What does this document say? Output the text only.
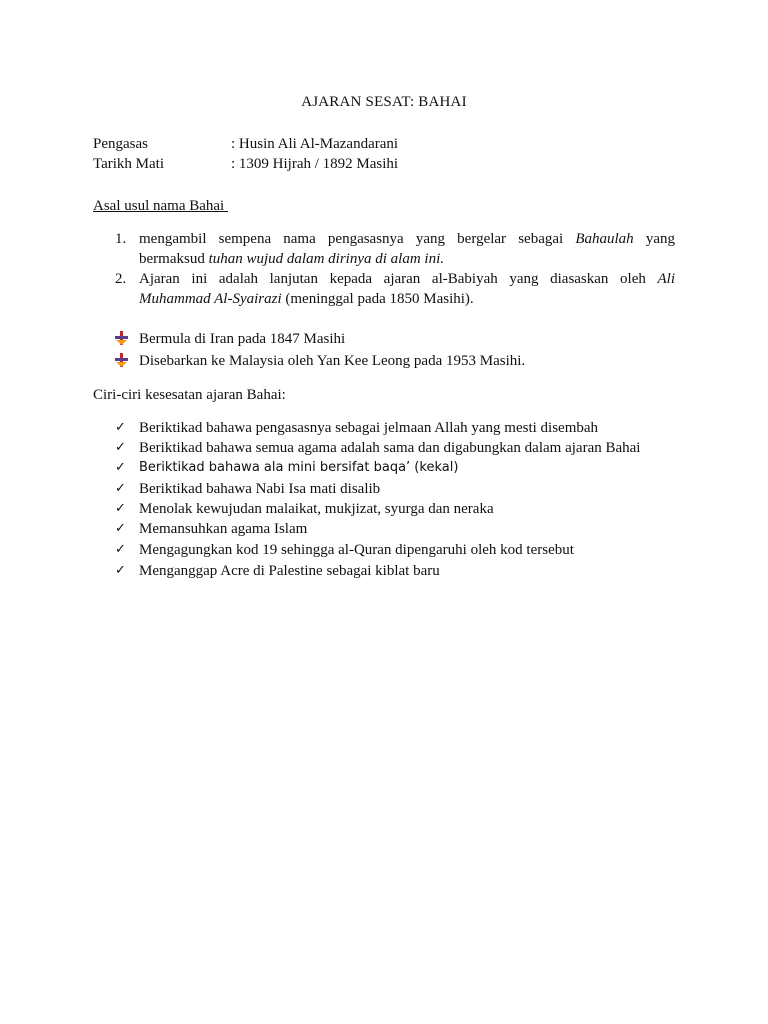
AJARAN SESAT: BAHAI
Pengasas	: Husin Ali Al-Mazandarani
Tarikh Mati	: 1309 Hijrah / 1892 Masihi
Asal usul nama Bahai
1. mengambil sempena nama pengasasnya yang bergelar sebagai Bahaulah yang
bermaksud tuhan wujud dalam dirinya di alam ini.
2. Ajaran ini adalah lanjutan kepada ajaran al-Babiyah yang diasaskan oleh Ali
Muhammad Al-Syairazi (meninggal pada 1850 Masihi).
Bermula di Iran pada 1847 Masihi
Disebarkan ke Malaysia oleh Yan Kee Leong pada 1953 Masihi.
Ciri-ciri kesesatan ajaran Bahai:
✓ Beriktikad bahawa pengasasnya sebagai jelmaan Allah yang mesti disembah
✓ Beriktikad bahawa semua agama adalah sama dan digabungkan dalam ajaran Bahai
✓ Beriktikad bahawa ala mini bersifat baqa’ (kekal)
✓ Beriktikad bahawa Nabi Isa mati disalib
✓ Menolak kewujudan malaikat, mukjizat, syurga dan neraka
✓ Memansuhkan agama Islam
✓ Mengagungkan kod 19 sehingga al-Quran dipengaruhi oleh kod tersebut
✓ Menganggap Acre di Palestine sebagai kiblat baru
